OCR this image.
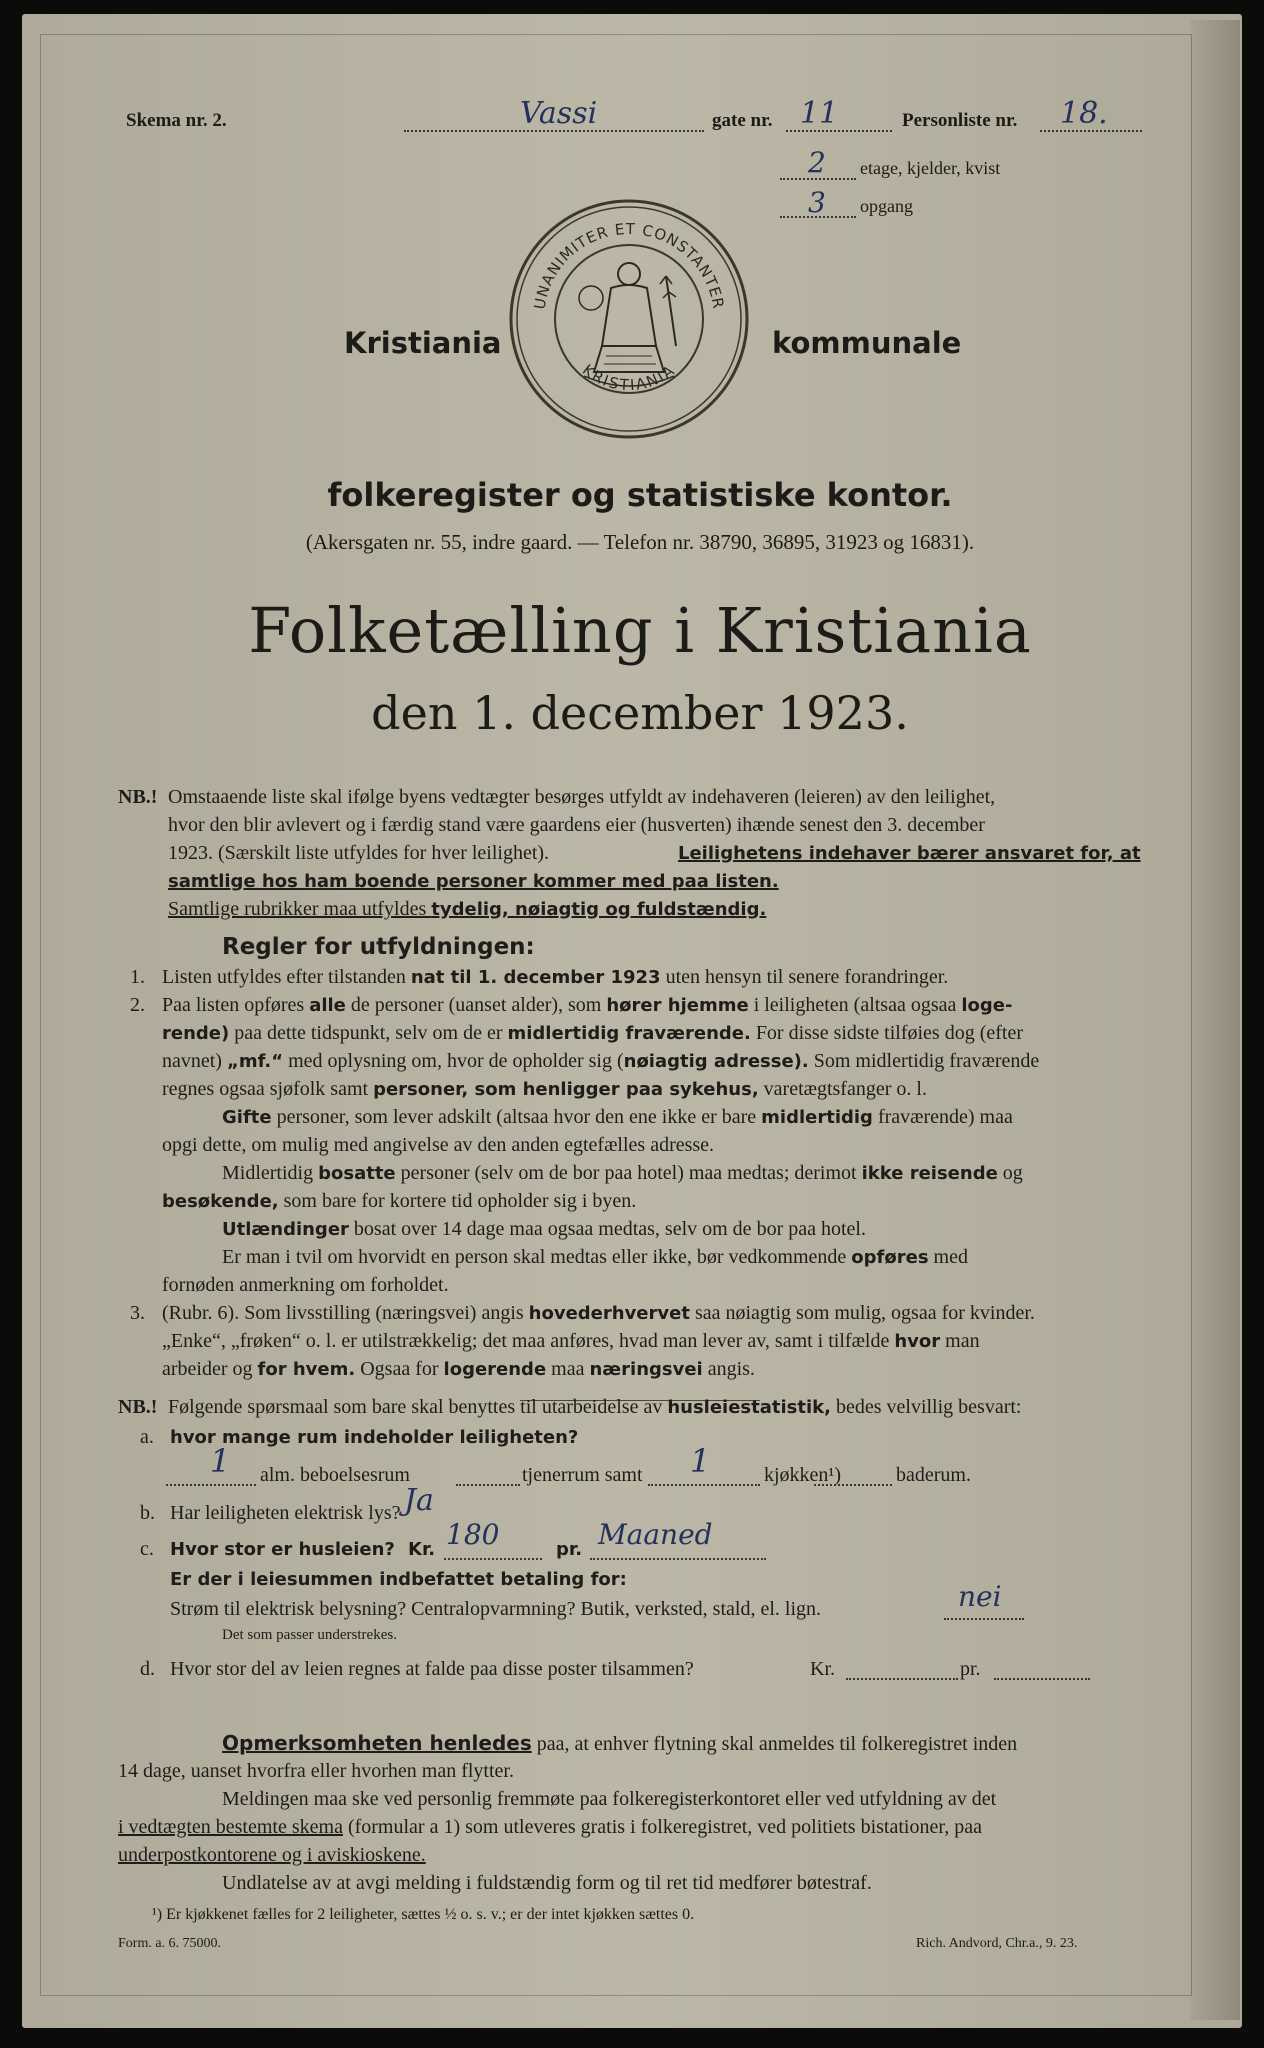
Skema nr. 2.	Vassi	gate nr. 11	Personliste nr. 18.
2 etage, kjelder, kvist
3 opgang
Kristiania	kommunale
UNANIMITER ET CONSTANTER
KRISTIANIA
folkeregister og statistiske kontor.
(Akersgaten nr. 55, indre gaard. — Telefon nr. 38790, 36895, 31923 og 16831).
Folketælling i Kristiania
den 1. december 1923.
NB.! Omstaaende liste skal ifølge byens vedtægter besørges utfyldt av indehaveren (leieren) av den leilighet,
hvor den blir avlevert og i færdig stand være gaardens eier (husverten) ihænde senest den 3. december
1923. (Særskilt liste utfyldes for hver leilighet).	Leilighetens indehaver bærer ansvaret for, at
samtlige hos ham boende personer kommer med paa listen.
Samtlige rubrikker maa utfyldes tydelig, nøiagtig og fuldstændig.
Regler for utfyldningen:
1. Listen utfyldes efter tilstanden nat til 1. december 1923 uten hensyn til senere forandringer.
2. Paa listen opføres alle de personer (uanset alder), som hører hjemme i leiligheten (altsaa ogsaa loge-
rende) paa dette tidspunkt, selv om de er midlertidig fraværende. For disse sidste tilføies dog (efter
navnet) „mf.“ med oplysning om, hvor de opholder sig (nøiagtig adresse). Som midlertidig fraværende
regnes ogsaa sjøfolk samt personer, som henligger paa sykehus, varetægtsfanger o. l.
Gifte personer, som lever adskilt (altsaa hvor den ene ikke er bare midlertidig fraværende) maa
opgi dette, om mulig med angivelse av den anden egtefælles adresse.
Midlertidig bosatte personer (selv om de bor paa hotel) maa medtas; derimot ikke reisende og
besøkende, som bare for kortere tid opholder sig i byen.
Utlændinger bosat over 14 dage maa ogsaa medtas, selv om de bor paa hotel.
Er man i tvil om hvorvidt en person skal medtas eller ikke, bør vedkommende opføres med
fornøden anmerkning om forholdet.
3. (Rubr. 6). Som livsstilling (næringsvei) angis hovederhvervet saa nøiagtig som mulig, ogsaa for kvinder.
„Enke“, „frøken“ o. l. er utilstrækkelig; det maa anføres, hvad man lever av, samt i tilfælde hvor man
arbeider og for hvem. Ogsaa for logerende maa næringsvei angis.
NB.! Følgende spørsmaal som bare skal benyttes til utarbeidelse av husleiestatistik, bedes velvillig besvart:
a. hvor mange rum indeholder leiligheten?
1 alm. beboelsesrum	tjenerrum samt 1	kjøkken¹)	baderum.
b. Har leiligheten elektrisk lys? Ja
c. Hvor stor er husleien? Kr. 180	pr. Maaned
Er der i leiesummen indbefattet betaling for:
Strøm til elektrisk belysning? Centralopvarmning? Butik, verksted, stald, el. lign.	nei
Det som passer understrekes.
d. Hvor stor del av leien regnes at falde paa disse poster tilsammen?	Kr.	pr.
Opmerksomheten henledes paa, at enhver flytning skal anmeldes til folkeregistret inden
14 dage, uanset hvorfra eller hvorhen man flytter.
Meldingen maa ske ved personlig fremmøte paa folkeregisterkontoret eller ved utfyldning av det
i vedtægten bestemte skema (formular a 1) som utleveres gratis i folkeregistret, ved politiets bistationer, paa
underpostkontorene og i aviskioskene.
Undlatelse av at avgi melding i fuldstændig form og til ret tid medfører bøtestraf.
¹) Er kjøkkenet fælles for 2 leiligheter, sættes ½ o. s. v.; er der intet kjøkken sættes 0.
Form. a. 6. 75000.	Rich. Andvord, Chr.a., 9. 23.
